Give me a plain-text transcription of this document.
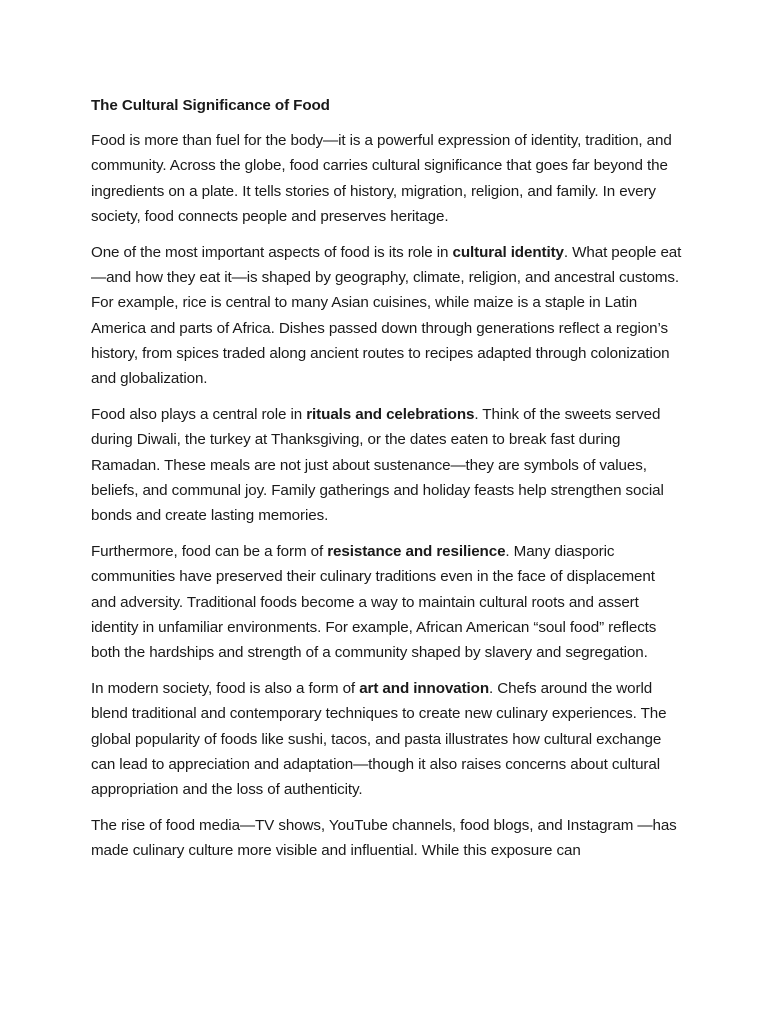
The Cultural Significance of Food

Food is more than fuel for the body—it is a powerful expression of identity, tradition, and community. Across the globe, food carries cultural significance that goes far beyond the ingredients on a plate. It tells stories of history, migration, religion, and family. In every society, food connects people and preserves heritage.

One of the most important aspects of food is its role in cultural identity. What people eat—and how they eat it—is shaped by geography, climate, religion, and ancestral customs. For example, rice is central to many Asian cuisines, while maize is a staple in Latin America and parts of Africa. Dishes passed down through generations reflect a region’s history, from spices traded along ancient routes to recipes adapted through colonization and globalization.

Food also plays a central role in rituals and celebrations. Think of the sweets served during Diwali, the turkey at Thanksgiving, or the dates eaten to break fast during Ramadan. These meals are not just about sustenance—they are symbols of values, beliefs, and communal joy. Family gatherings and holiday feasts help strengthen social bonds and create lasting memories.

Furthermore, food can be a form of resistance and resilience. Many diasporic communities have preserved their culinary traditions even in the face of displacement and adversity. Traditional foods become a way to maintain cultural roots and assert identity in unfamiliar environments. For example, African American “soul food” reflects both the hardships and strength of a community shaped by slavery and segregation.

In modern society, food is also a form of art and innovation. Chefs around the world blend traditional and contemporary techniques to create new culinary experiences. The global popularity of foods like sushi, tacos, and pasta illustrates how cultural exchange can lead to appreciation and adaptation—though it also raises concerns about cultural appropriation and the loss of authenticity.

The rise of food media—TV shows, YouTube channels, food blogs, and Instagram —has made culinary culture more visible and influential. While this exposure can
